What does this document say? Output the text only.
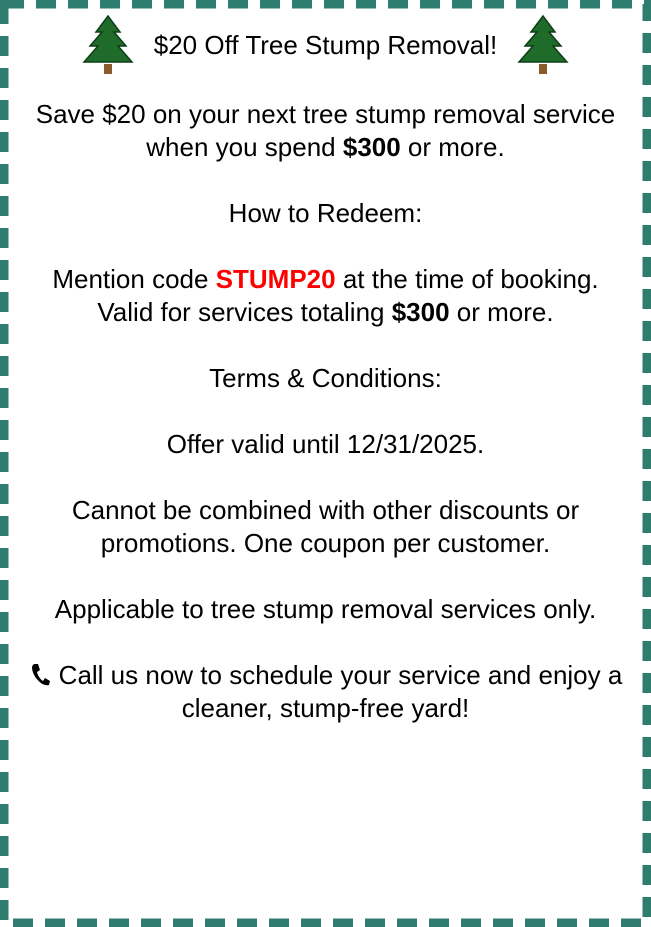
$20 Off Tree Stump Removal!

Save $20 on your next tree stump removal service when you spend $300 or more.

How to Redeem:

Mention code STUMP20 at the time of booking. Valid for services totaling $300 or more.

Terms & Conditions:

Offer valid until 12/31/2025.

Cannot be combined with other discounts or promotions. One coupon per customer.

Applicable to tree stump removal services only.

Call us now to schedule your service and enjoy a cleaner, stump-free yard!
